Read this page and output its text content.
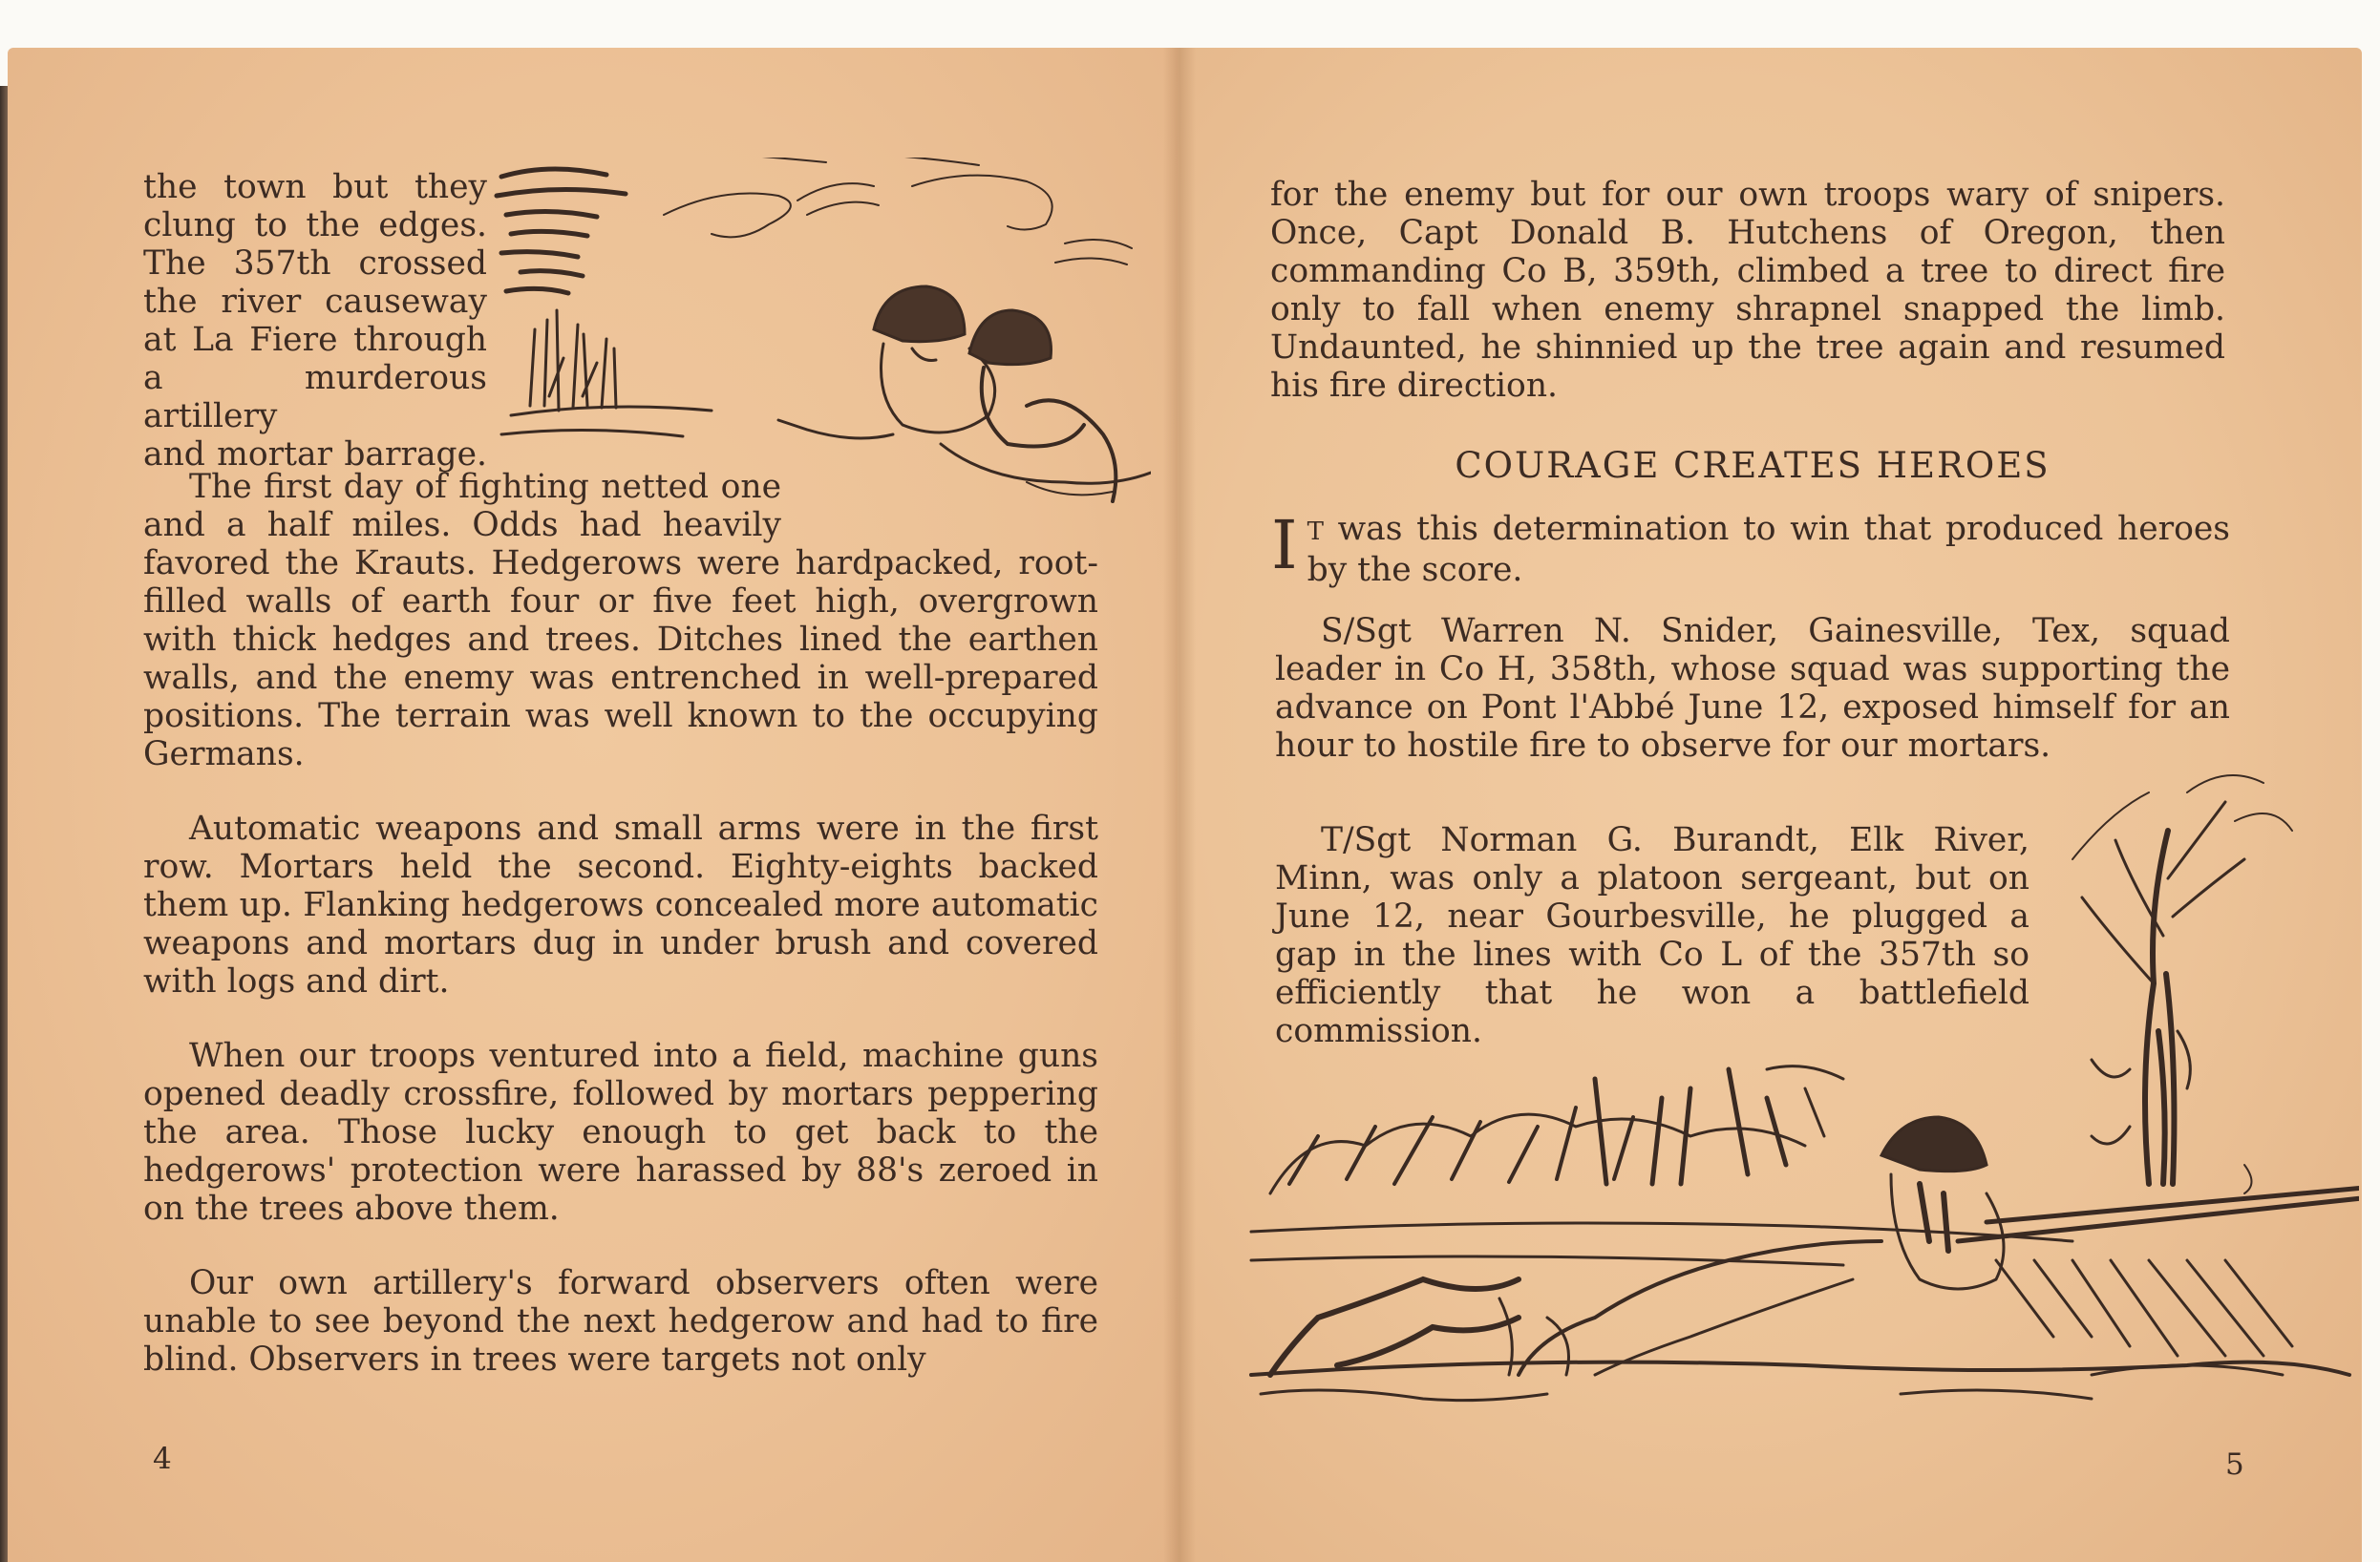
the town but they
clung to the edges.
The 357th crossed
the river causeway
at La Fiere through
a murderous artillery
and mortar barrage.
The first day of fighting netted one and a half miles. Odds had heavily
favored the Krauts. Hedgerows were hardpacked, root-filled walls of earth four or five feet high, overgrown with thick hedges and trees. Ditches lined the earthen walls, and the enemy was entrenched in well-prepared positions. The terrain was well known to the occupying Germans.
Automatic weapons and small arms were in the first row. Mortars held the second. Eighty-eights backed them up. Flanking hedgerows concealed more automatic weapons and mortars dug in under brush and covered with logs and dirt.
When our troops ventured into a field, machine guns opened deadly crossfire, followed by mortars peppering the area. Those lucky enough to get back to the hedgerows' protection were harassed by 88's zeroed in on the trees above them.
Our own artillery's forward observers often were unable to see beyond the next hedgerow and had to fire blind. Observers in trees were targets not only
4
for the enemy but for our own troops wary of snipers. Once, Capt Donald B. Hutchens of Oregon, then commanding Co B, 359th, climbed a tree to direct fire only to fall when enemy shrapnel snapped the limb. Undaunted, he shinnied up the tree again and resumed his fire direction.
COURAGE CREATES HEROES
I T was this determination to win that produced heroes by the score.
S/Sgt Warren N. Snider, Gainesville, Tex, squad leader in Co H, 358th, whose squad was supporting the advance on Pont l'Abbé June 12, exposed himself for an hour to hostile fire to observe for our mortars.
T/Sgt Norman G. Burandt, Elk River, Minn, was only a platoon sergeant, but on June 12, near Gourbesville, he plugged a gap in the lines with Co L of the 357th so efficiently that he won a battlefield commission.
5
